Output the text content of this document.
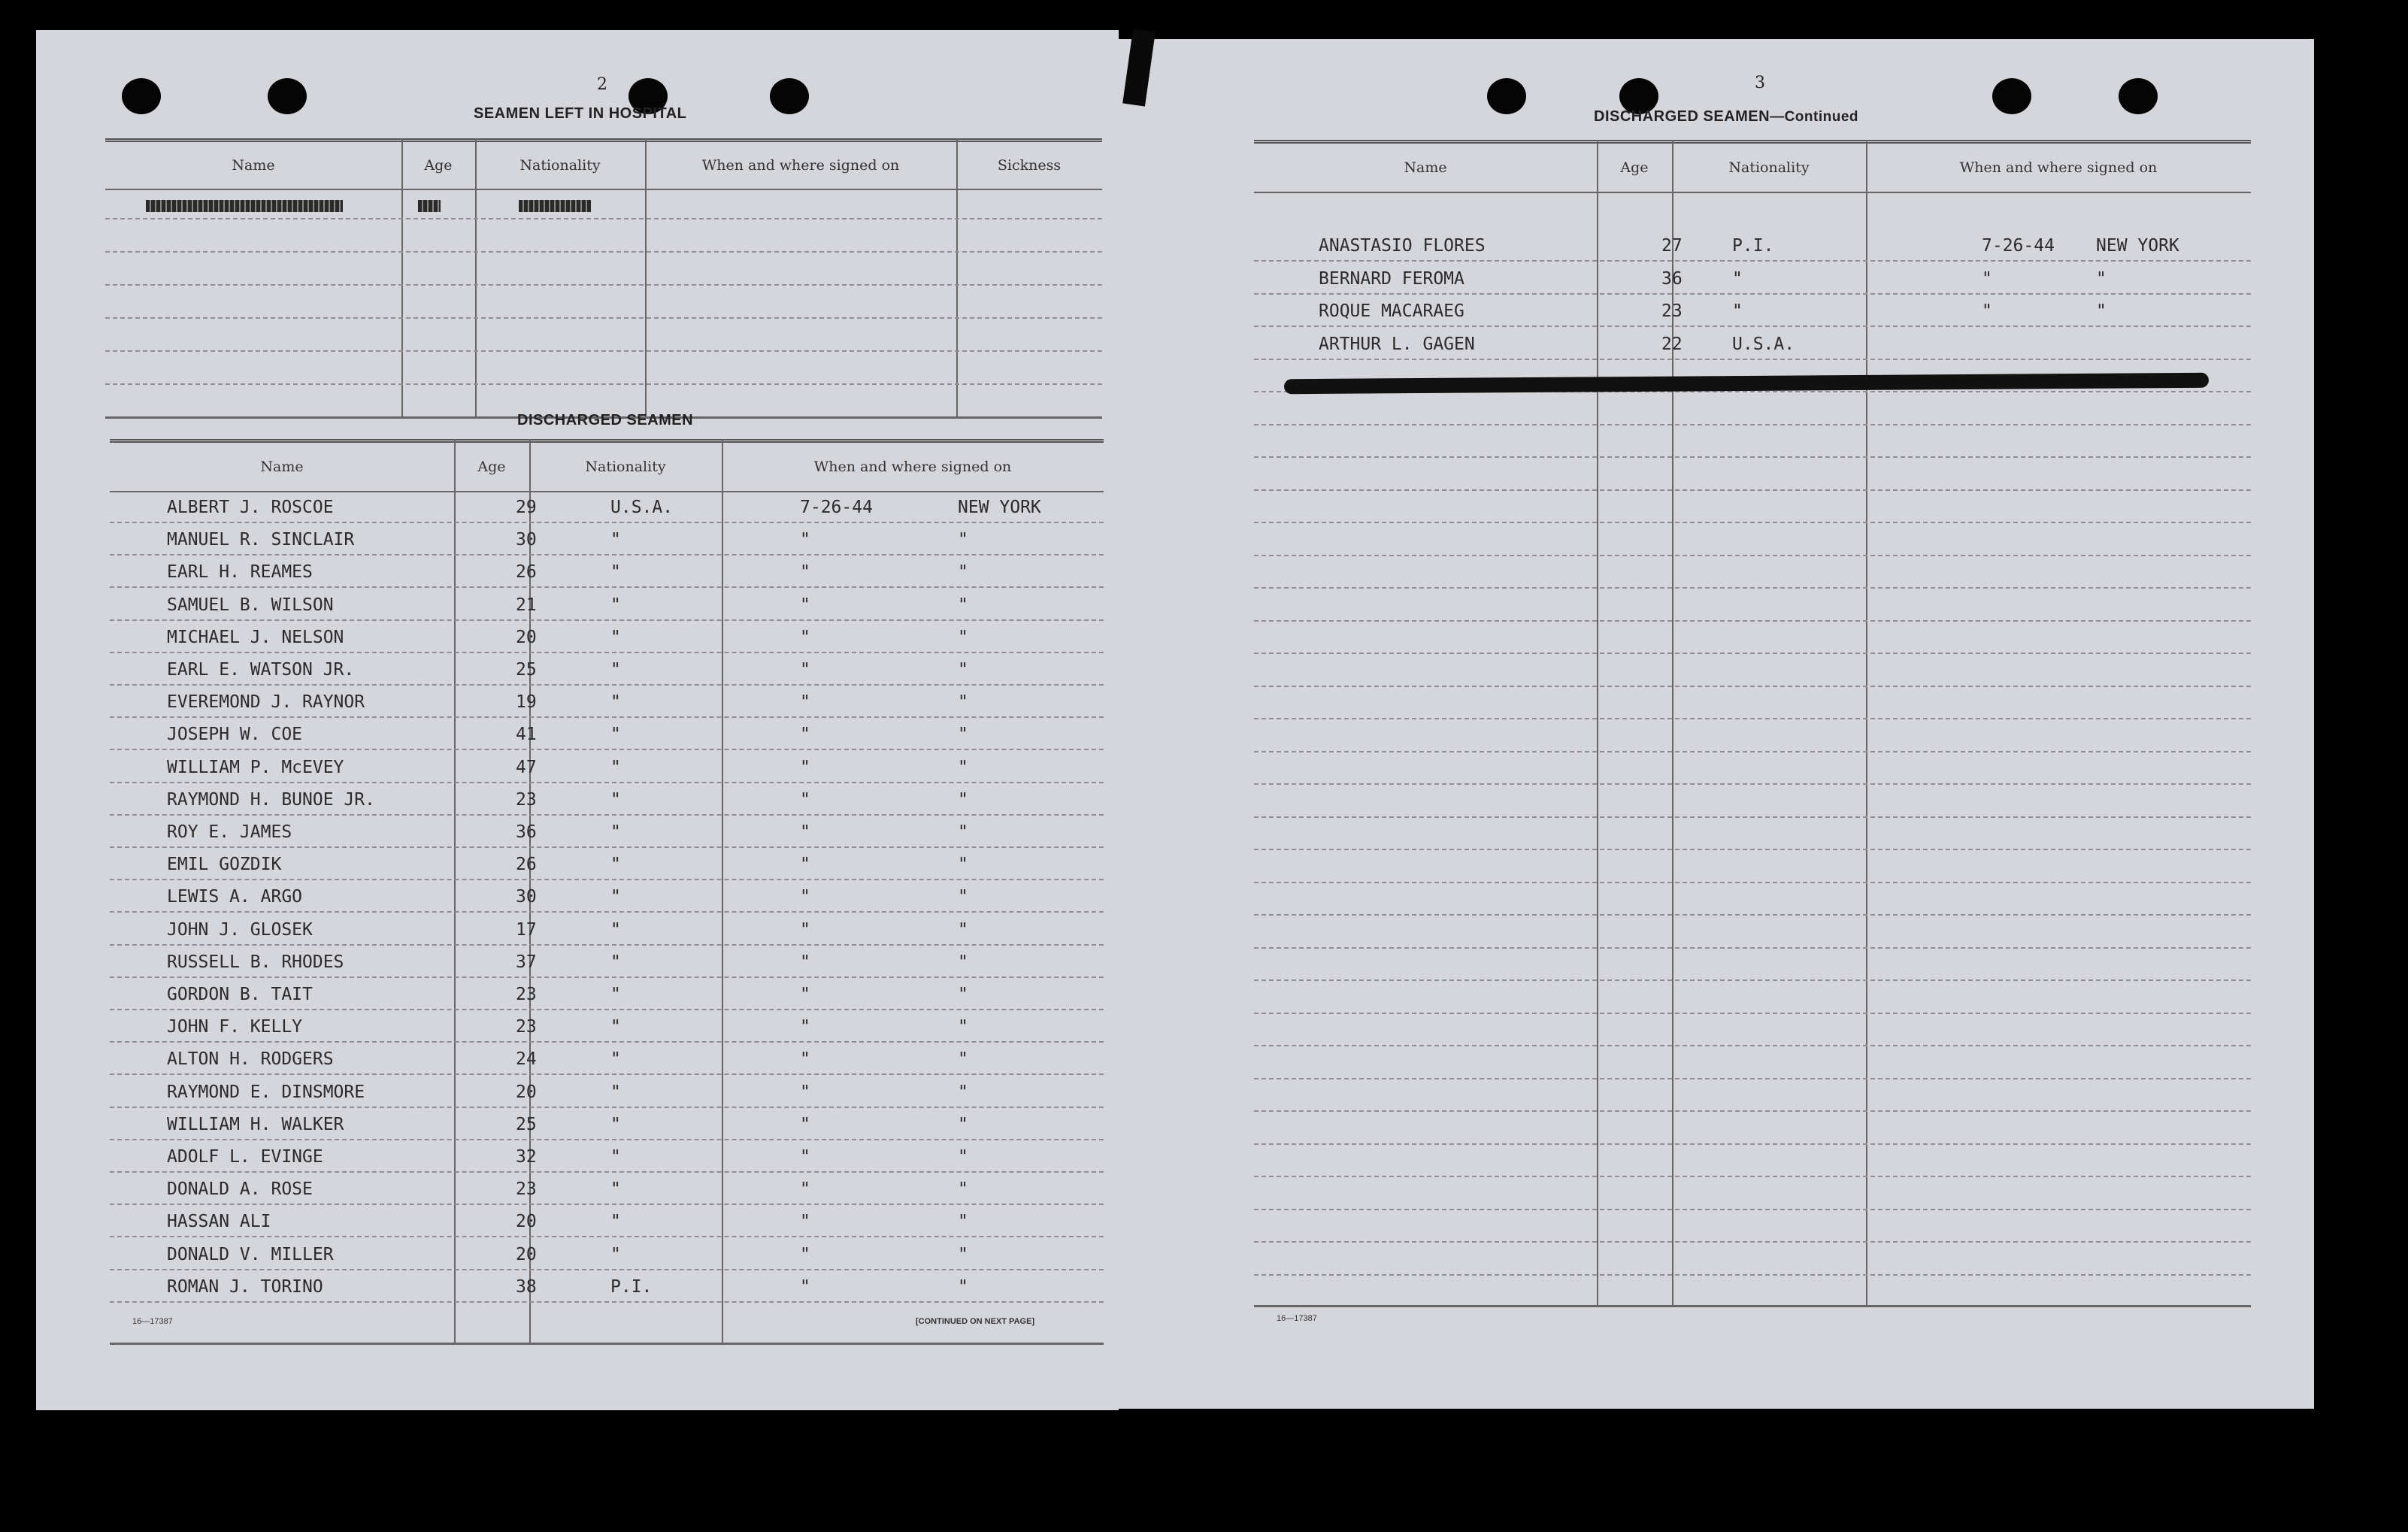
2
SEAMEN LEFT IN HOSPITAL
Name	Age	Nationality	When and where signed on	Sickness
DISCHARGED SEAMEN
Name	Age	Nationality	When and where signed on
ALBERT J. ROSCOE	29	U.S.A.	7-26-44	NEW YORK
MANUEL R. SINCLAIR	30	"	"	"
EARL H. REAMES	26	"	"	"
SAMUEL B. WILSON	21	"	"	"
MICHAEL J. NELSON	20	"	"	"
EARL E. WATSON JR.	25	"	"	"
EVEREMOND J. RAYNOR	19	"	"	"
JOSEPH W. COE	41	"	"	"
WILLIAM P. McEVEY	47	"	"	"
RAYMOND H. BUNOE JR.	23	"	"	"
ROY E. JAMES	36	"	"	"
EMIL GOZDIK	26	"	"	"
LEWIS A. ARGO	30	"	"	"
JOHN J. GLOSEK	17	"	"	"
RUSSELL B. RHODES	37	"	"	"
GORDON B. TAIT	23	"	"	"
JOHN F. KELLY	23	"	"	"
ALTON H. RODGERS	24	"	"	"
RAYMOND E. DINSMORE	20	"	"	"
WILLIAM H. WALKER	25	"	"	"
ADOLF L. EVINGE	32	"	"	"
DONALD A. ROSE	23	"	"	"
HASSAN ALI	20	"	"	"
DONALD V. MILLER	20	"	"	"
ROMAN J. TORINO	38	P.I.	"	"
16—17387	[CONTINUED ON NEXT PAGE]
3
DISCHARGED SEAMEN—Continued
Name	Age	Nationality	When and where signed on
ANASTASIO FLORES	27	P.I.	7-26-44 NEW YORK
BERNARD FEROMA	36	"	"	"
ROQUE MACARAEG	23	"	"	"
ARTHUR L. GAGEN	22	U.S.A.
16—17387
